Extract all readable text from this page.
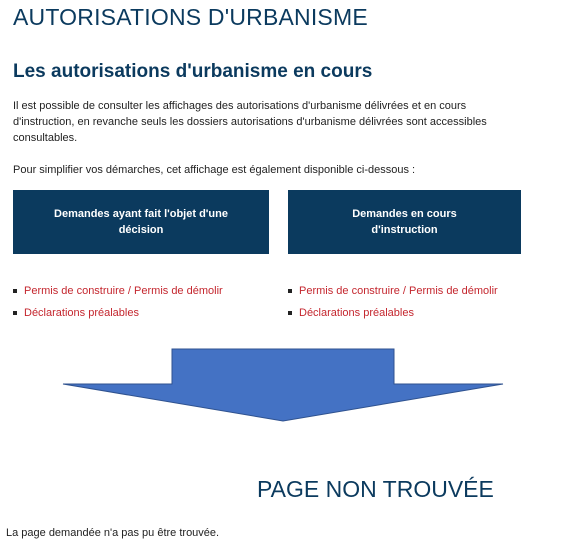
AUTORISATIONS D'URBANISME
Les autorisations d'urbanisme en cours

Il est possible de consulter les affichages des autorisations d'urbanisme délivrées et en cours d'instruction, en revanche seuls les dossiers autorisations d'urbanisme délivrées sont accessibles consultables.

Pour simplifier vos démarches, cet affichage est également disponible ci-dessous :

Demandes ayant fait l'objet d'une
décision
Demandes en cours
d'instruction
Permis de construire / Permis de démolir
Déclarations préalables
Permis de construire / Permis de démolir
Déclarations préalables
PAGE NON TROUVÉE

La page demandée n'a pas pu être trouvée.
